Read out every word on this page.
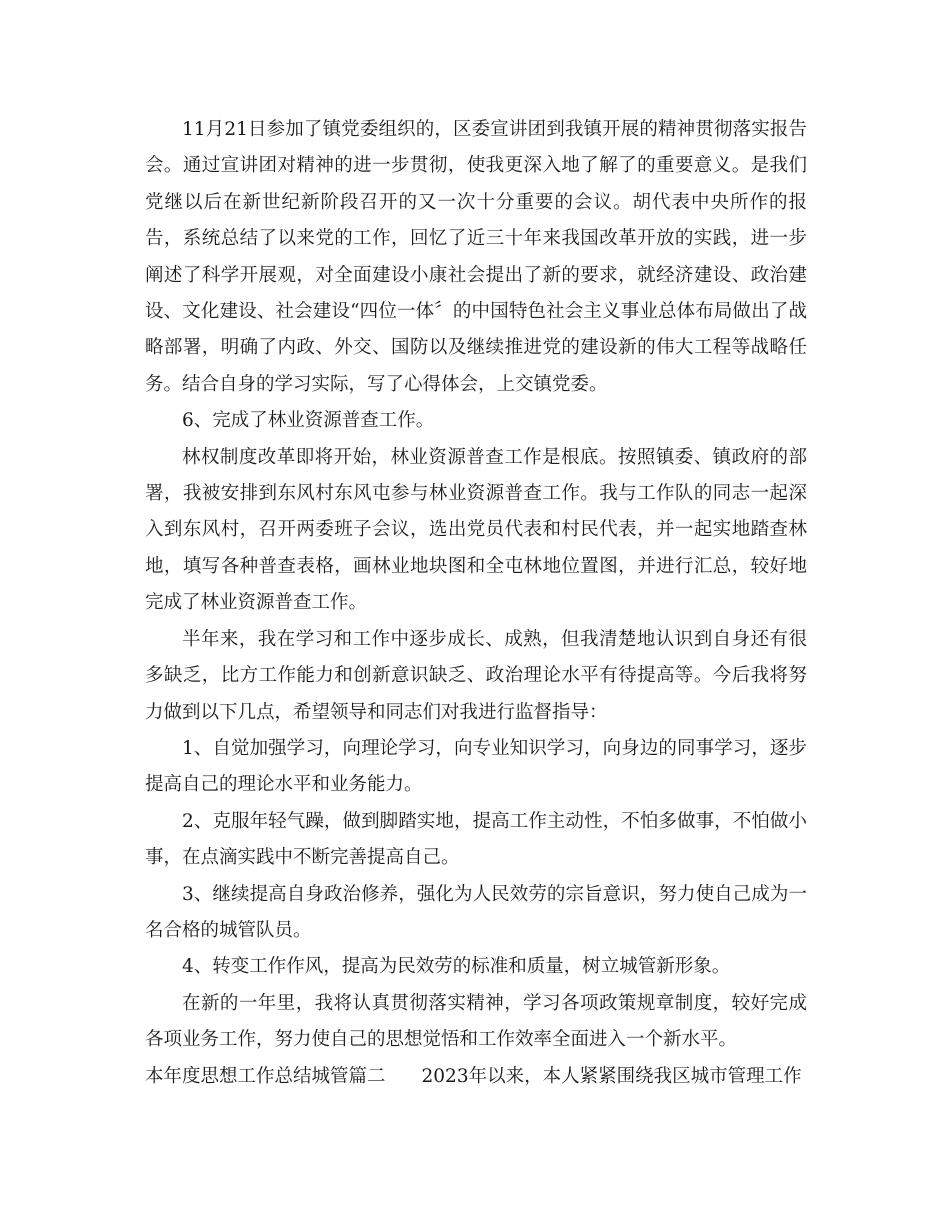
11月21日参加了镇党委组织的，区委宣讲团到我镇开展的精神贯彻落实报告会。通过宣讲团对精神的进一步贯彻，使我更深入地了解了的重要意义。是我们党继以后在新世纪新阶段召开的又一次十分重要的会议。胡代表中央所作的报告，系统总结了以来党的工作，回忆了近三十年来我国改革开放的实践，进一步阐述了科学开展观，对全面建设小康社会提出了新的要求，就经济建设、政治建设、文化建设、社会建设“四位一体〞的中国特色社会主义事业总体布局做出了战略部署，明确了内政、外交、国防以及继续推进党的建设新的伟大工程等战略任务。结合自身的学习实际，写了心得体会，上交镇党委。

6、完成了林业资源普查工作。

林权制度改革即将开始，林业资源普查工作是根底。按照镇委、镇政府的部署，我被安排到东风村东风屯参与林业资源普查工作。我与工作队的同志一起深入到东风村，召开两委班子会议，选出党员代表和村民代表，并一起实地踏查林地，填写各种普查表格，画林业地块图和全屯林地位置图，并进行汇总，较好地完成了林业资源普查工作。

半年来，我在学习和工作中逐步成长、成熟，但我清楚地认识到自身还有很多缺乏，比方工作能力和创新意识缺乏、政治理论水平有待提高等。今后我将努力做到以下几点，希望领导和同志们对我进行监督指导：

1、自觉加强学习，向理论学习，向专业知识学习，向身边的同事学习，逐步提高自己的理论水平和业务能力。

2、克服年轻气躁，做到脚踏实地，提高工作主动性，不怕多做事，不怕做小事，在点滴实践中不断完善提高自己。

3、继续提高自身政治修养，强化为人民效劳的宗旨意识，努力使自己成为一名合格的城管队员。

4、转变工作作风，提高为民效劳的标准和质量，树立城管新形象。

在新的一年里，我将认真贯彻落实精神，学习各项政策规章制度，较好完成各项业务工作，努力使自己的思想觉悟和工作效率全面进入一个新水平。

本年度思想工作总结城管篇二 2023年以来，本人紧紧围绕我区城市管理工作
